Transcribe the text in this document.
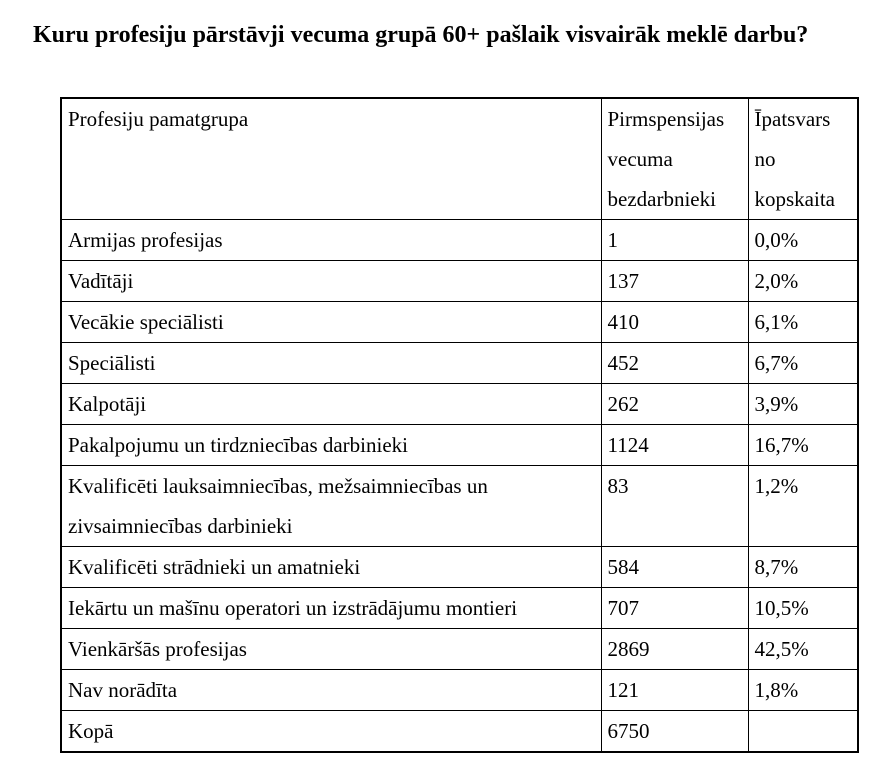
Kuru profesiju pārstāvji vecuma grupā 60+ pašlaik visvairāk meklē darbu?
Profesiju pamatgrupa	Pirmspensijas vecuma bezdarbnieki	Īpatsvars no kopskaita
Armijas profesijas	1	0,0%
Vadītāji	137	2,0%
Vecākie speciālisti	410	6,1%
Speciālisti	452	6,7%
Kalpotāji	262	3,9%
Pakalpojumu un tirdzniecības darbinieki	1124	16,7%
Kvalificēti lauksaimniecības, mežsaimniecības un zivsaimniecības darbinieki	83	1,2%
Kvalificēti strādnieki un amatnieki	584	8,7%
Iekārtu un mašīnu operatori un izstrādājumu montieri	707	10,5%
Vienkāršās profesijas	2869	42,5%
Nav norādīta	121	1,8%
Kopā	6750	
